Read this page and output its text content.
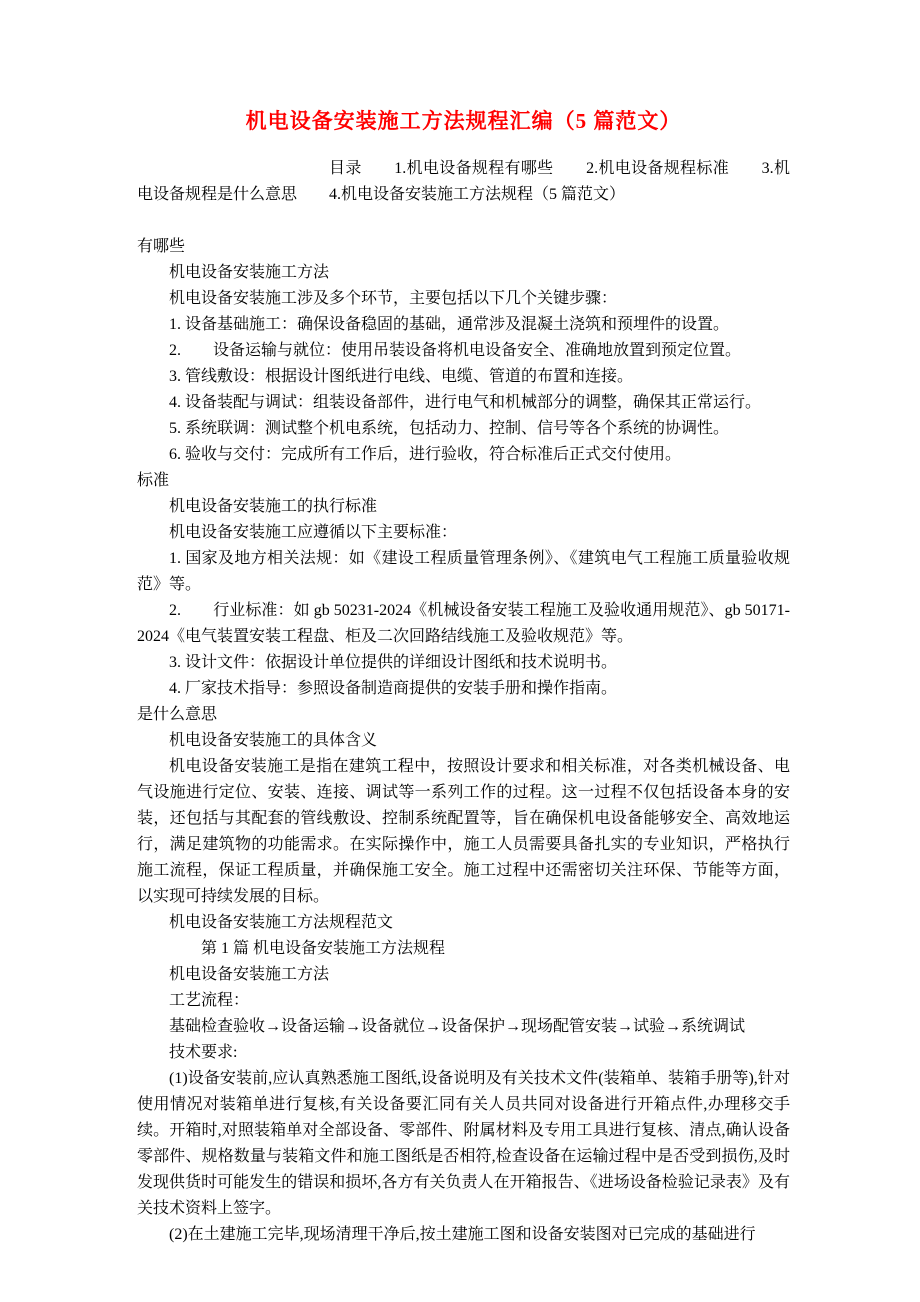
机电设备安装施工方法规程汇编（5 篇范文）

目录　　1.机电设备规程有哪些　　2.机电设备规程标准　　3.机电设备规程是什么意思　　4.机电设备安装施工方法规程（5 篇范文）

有哪些

机电设备安装施工方法

机电设备安装施工涉及多个环节，主要包括以下几个关键步骤：

1. 设备基础施工：确保设备稳固的基础，通常涉及混凝土浇筑和预埋件的设置。

2.　　设备运输与就位：使用吊装设备将机电设备安全、准确地放置到预定位置。

3. 管线敷设：根据设计图纸进行电线、电缆、管道的布置和连接。

4. 设备装配与调试：组装设备部件，进行电气和机械部分的调整，确保其正常运行。

5. 系统联调：测试整个机电系统，包括动力、控制、信号等各个系统的协调性。

6. 验收与交付：完成所有工作后，进行验收，符合标准后正式交付使用。

标准

机电设备安装施工的执行标准

机电设备安装施工应遵循以下主要标准：

1. 国家及地方相关法规：如《建设工程质量管理条例》、《建筑电气工程施工质量验收规范》等。

2.　　行业标准：如 gb 50231-2024《机械设备安装工程施工及验收通用规范》、gb 50171-2024《电气装置安装工程盘、柜及二次回路结线施工及验收规范》等。

3. 设计文件：依据设计单位提供的详细设计图纸和技术说明书。

4. 厂家技术指导：参照设备制造商提供的安装手册和操作指南。

是什么意思

机电设备安装施工的具体含义

机电设备安装施工是指在建筑工程中，按照设计要求和相关标准，对各类机械设备、电气设施进行定位、安装、连接、调试等一系列工作的过程。这一过程不仅包括设备本身的安装，还包括与其配套的管线敷设、控制系统配置等，旨在确保机电设备能够安全、高效地运行，满足建筑物的功能需求。在实际操作中，施工人员需要具备扎实的专业知识，严格执行施工流程，保证工程质量，并确保施工安全。施工过程中还需密切关注环保、节能等方面，以实现可持续发展的目标。

机电设备安装施工方法规程范文

第 1 篇 机电设备安装施工方法规程

机电设备安装施工方法

工艺流程：

基础检查验收→设备运输→设备就位→设备保护→现场配管安装→试验→系统调试

技术要求:

(1)设备安装前,应认真熟悉施工图纸,设备说明及有关技术文件(装箱单、装箱手册等),针对使用情况对装箱单进行复核,有关设备要汇同有关人员共同对设备进行开箱点件,办理移交手续。开箱时,对照装箱单对全部设备、零部件、附属材料及专用工具进行复核、清点,确认设备零部件、规格数量与装箱文件和施工图纸是否相符,检查设备在运输过程中是否受到损伤,及时发现供货时可能发生的错误和损坏,各方有关负责人在开箱报告、《进场设备检验记录表》及有关技术资料上签字。

(2)在土建施工完毕,现场清理干净后,按土建施工图和设备安装图对已完成的基础进行
